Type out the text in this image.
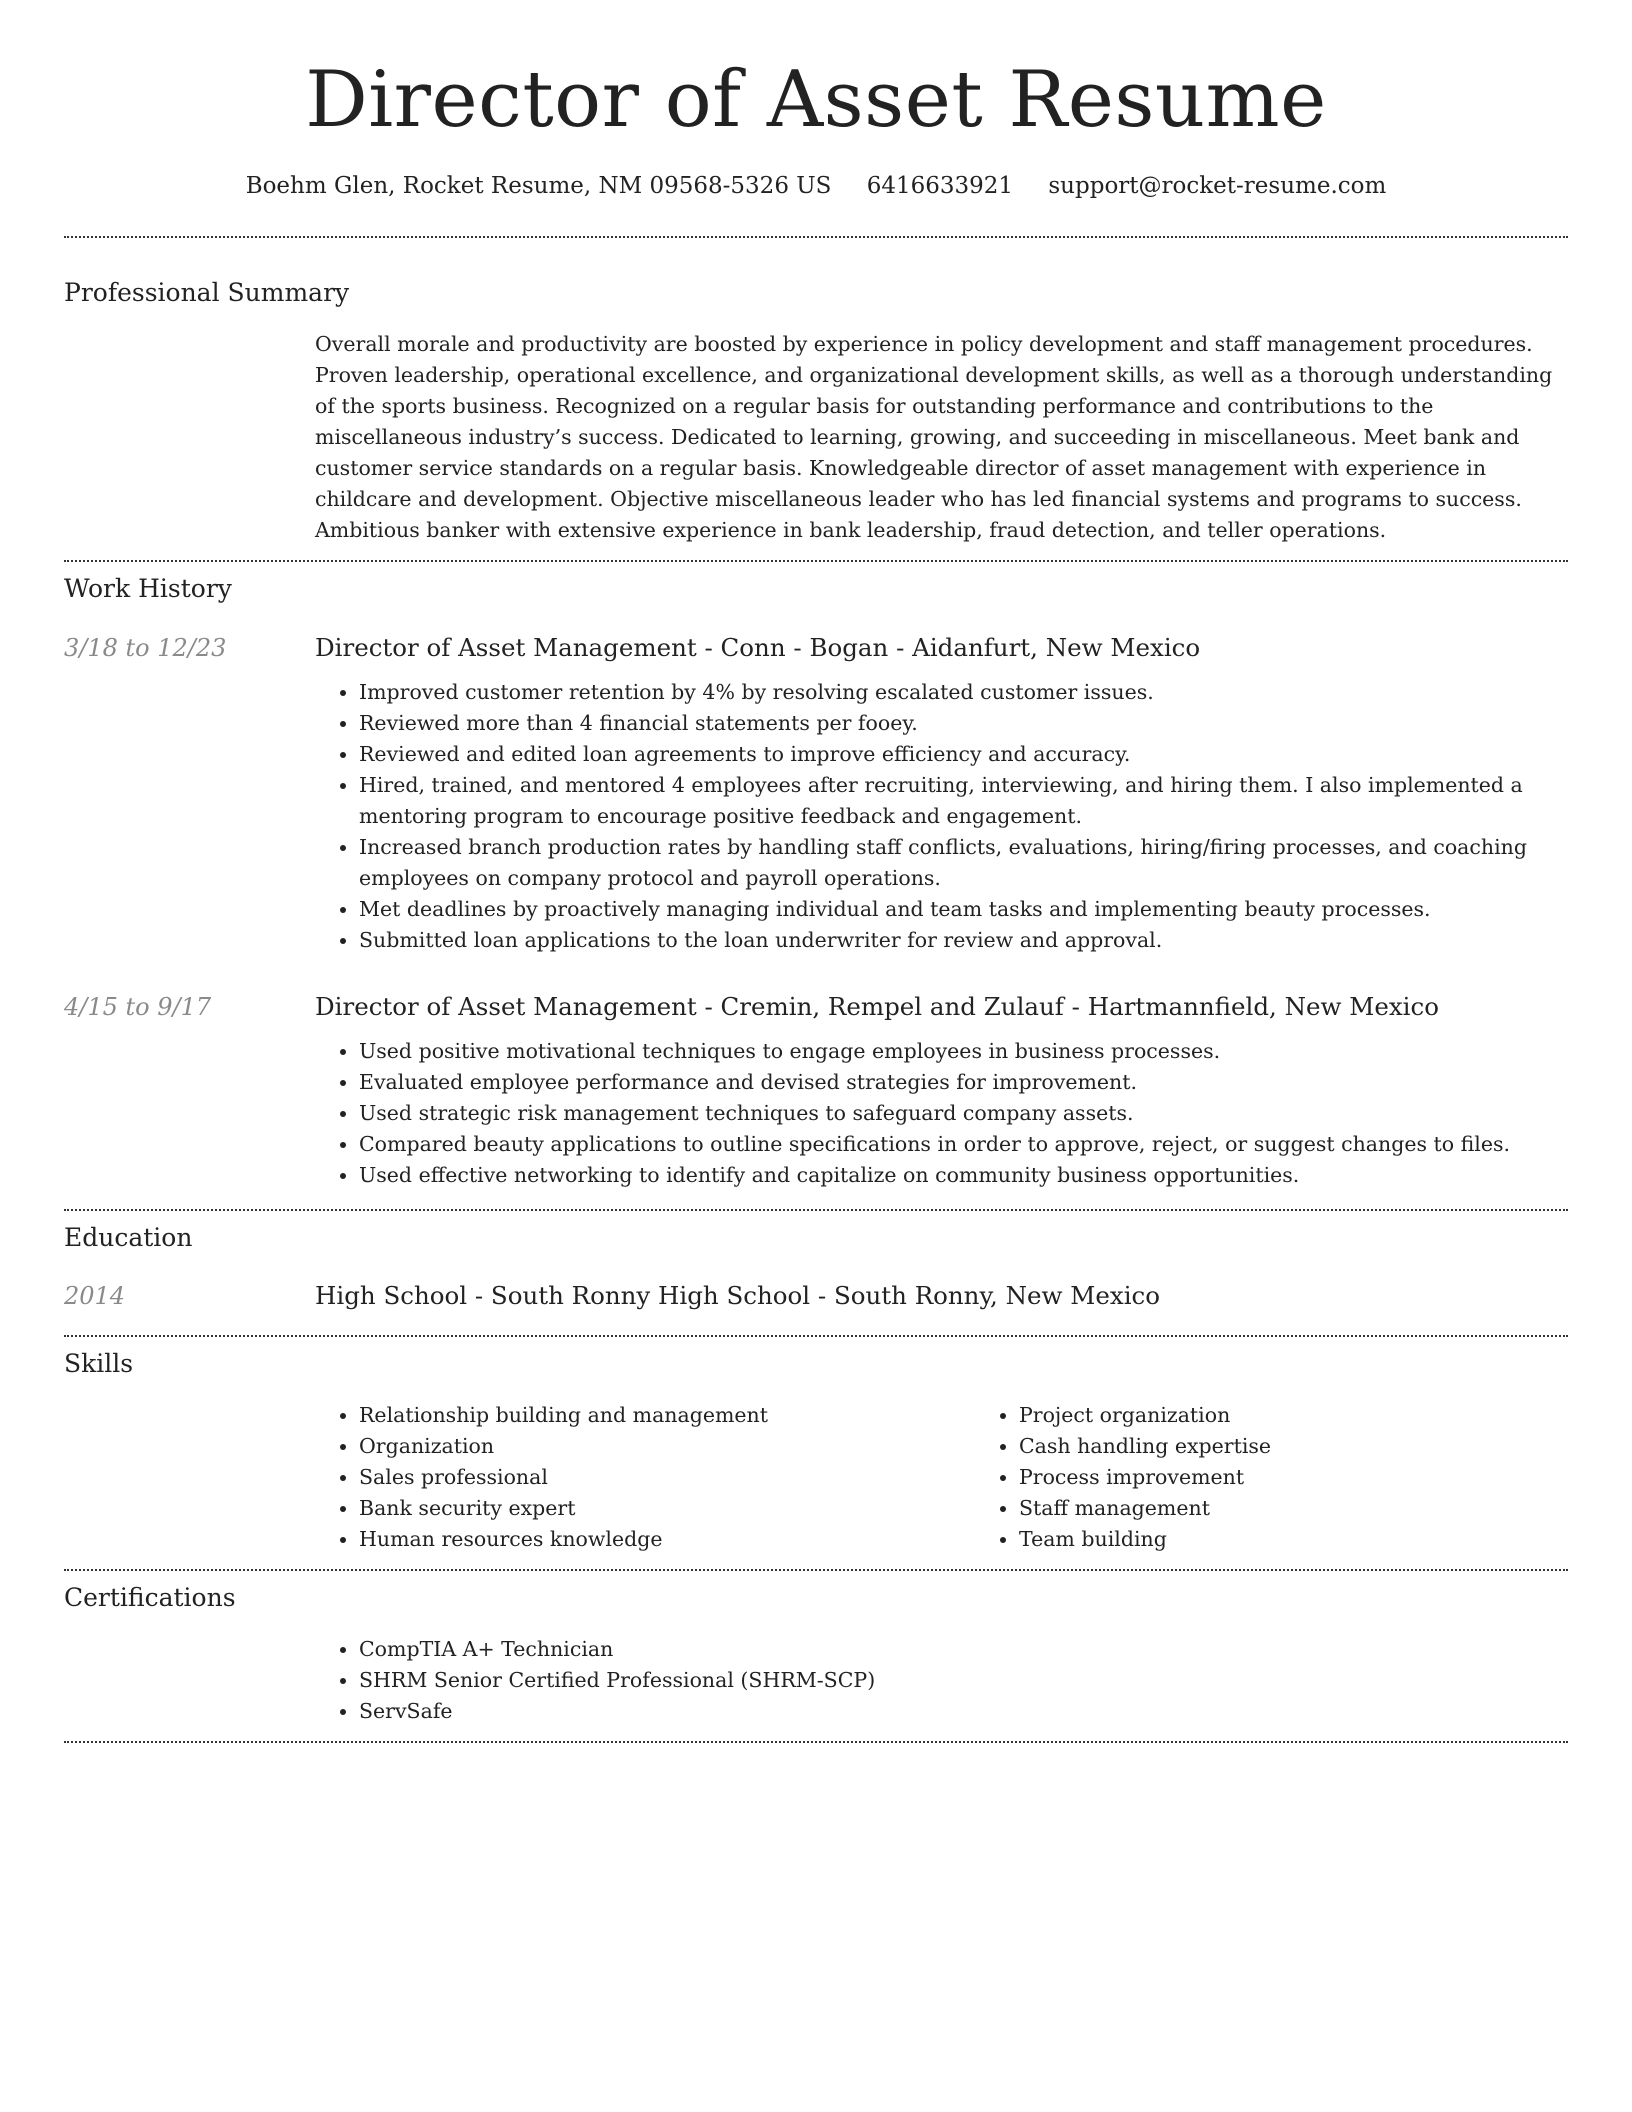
Director of Asset Resume
Boehm Glen, Rocket Resume, NM 09568-5326 US 6416633921 support@rocket-resume.com
Professional Summary

Overall morale and productivity are boosted by experience in policy development and staff management procedures. Proven leadership, operational excellence, and organizational development skills, as well as a thorough understanding of the sports business. Recognized on a regular basis for outstanding performance and contributions to the miscellaneous industry’s success. Dedicated to learning, growing, and succeeding in miscellaneous. Meet bank and customer service standards on a regular basis. Knowledgeable director of asset management with experience in childcare and development. Objective miscellaneous leader who has led financial systems and programs to success. Ambitious banker with extensive experience in bank leadership, fraud detection, and teller operations.

Work History
3/18 to 12/23	Director of Asset Management - Conn - Bogan - Aidanfurt, New Mexico
• Improved customer retention by 4% by resolving escalated customer issues.
• Reviewed more than 4 financial statements per fooey.
• Reviewed and edited loan agreements to improve efficiency and accuracy.
• Hired, trained, and mentored 4 employees after recruiting, interviewing, and hiring them. I also implemented a mentoring program to encourage positive feedback and engagement.
• Increased branch production rates by handling staff conflicts, evaluations, hiring/firing processes, and coaching employees on company protocol and payroll operations.
• Met deadlines by proactively managing individual and team tasks and implementing beauty processes.
• Submitted loan applications to the loan underwriter for review and approval.
4/15 to 9/17	Director of Asset Management - Cremin, Rempel and Zulauf - Hartmannfield, New Mexico
• Used positive motivational techniques to engage employees in business processes.
• Evaluated employee performance and devised strategies for improvement.
• Used strategic risk management techniques to safeguard company assets.
• Compared beauty applications to outline specifications in order to approve, reject, or suggest changes to files.
• Used effective networking to identify and capitalize on community business opportunities.
Education
2014	High School - South Ronny High School - South Ronny, New Mexico
Skills
• Relationship building and management
• Organization
• Sales professional
• Bank security expert
• Human resources knowledge
• Project organization
• Cash handling expertise
• Process improvement
• Staff management
• Team building
Certifications
• CompTIA A+ Technician
• SHRM Senior Certified Professional (SHRM-SCP)
• ServSafe
